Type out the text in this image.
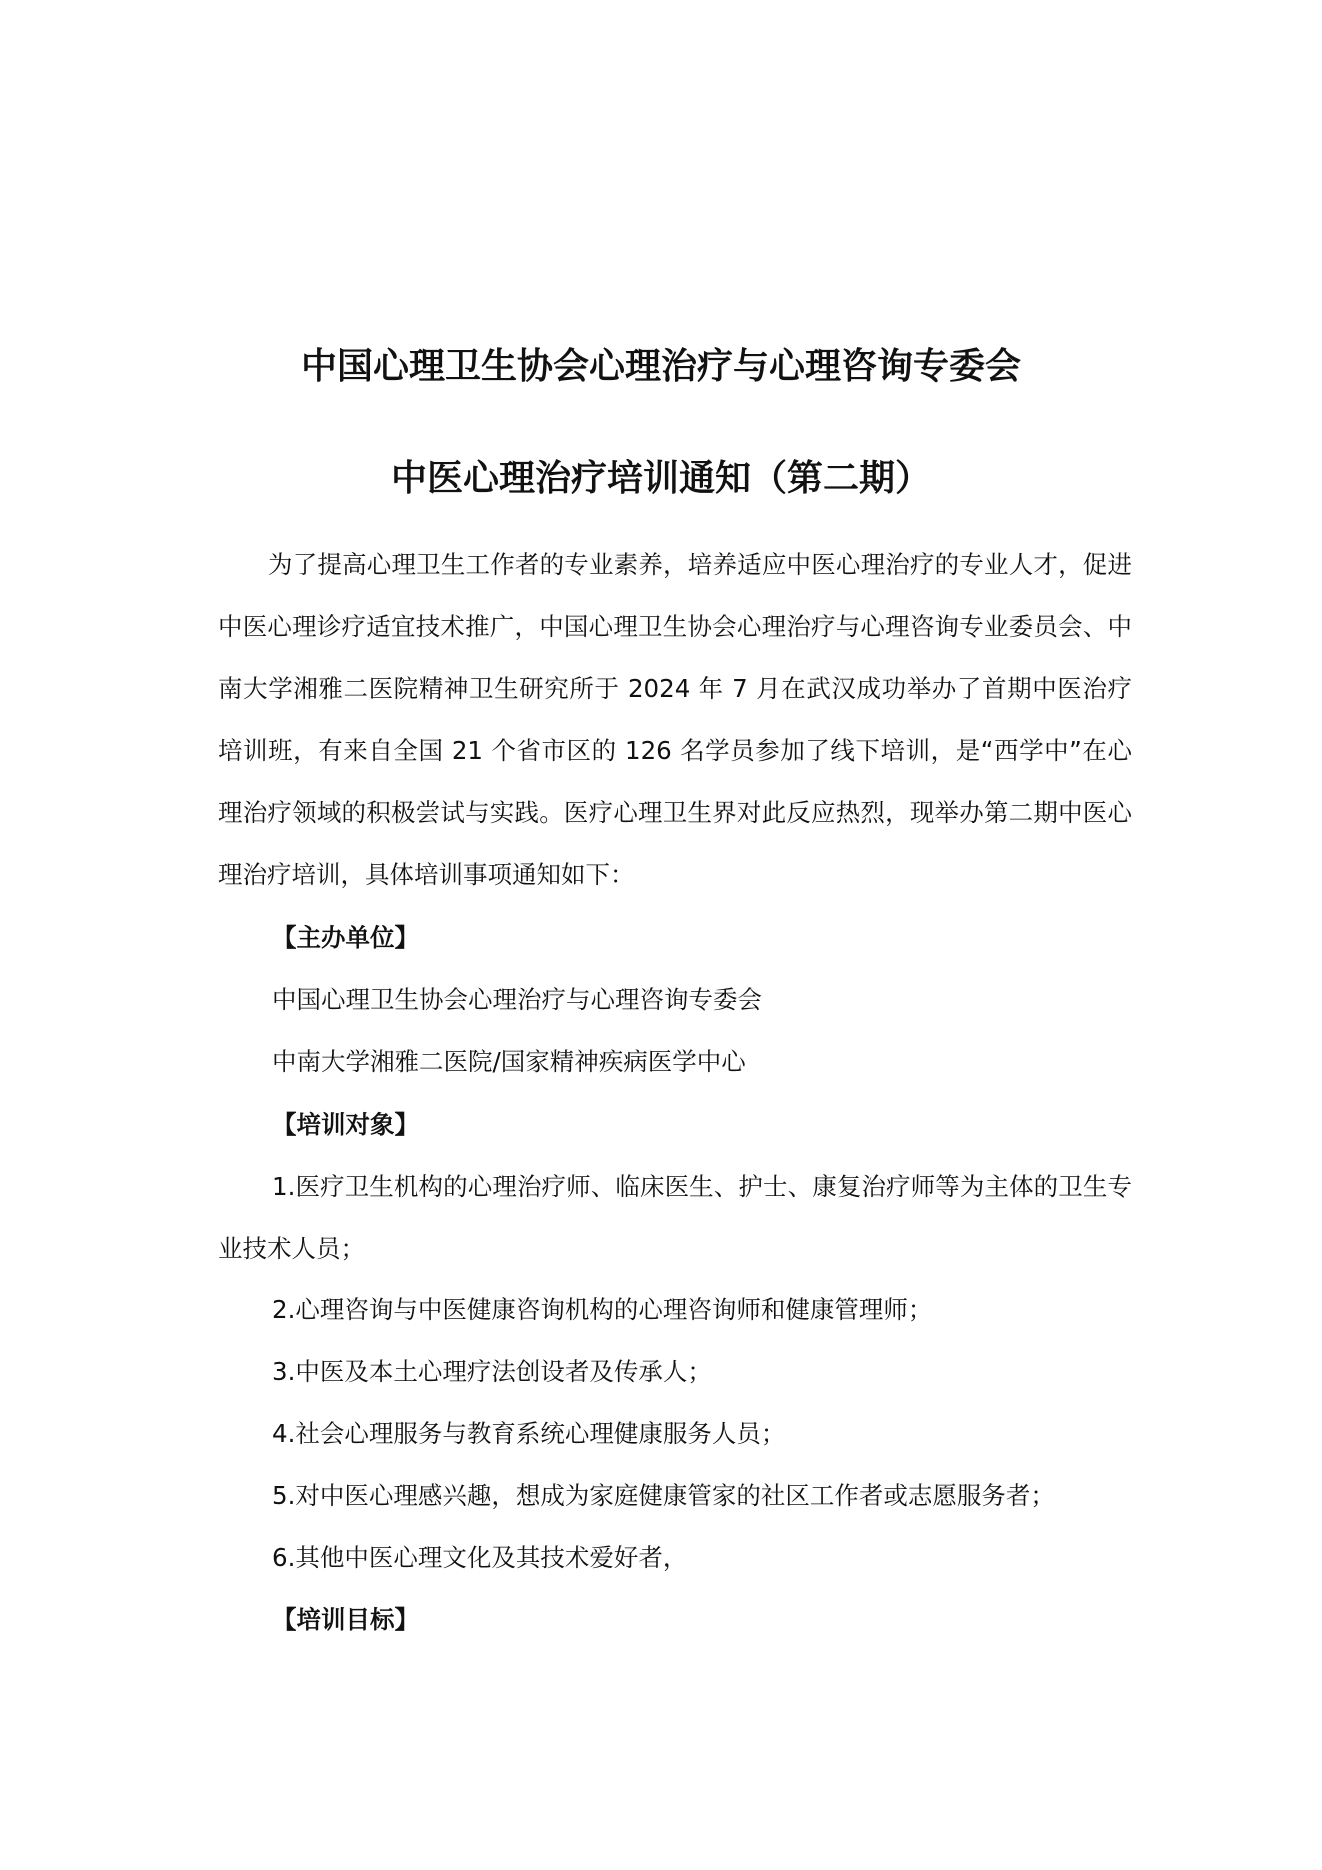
中国心理卫生协会心理治疗与心理咨询专委会
中医心理治疗培训通知（第二期）
为了提高心理卫生工作者的专业素养，培养适应中医心理治疗的专业人才，促进中医心理诊疗适宜技术推广，中国心理卫生协会心理治疗与心理咨询专业委员会、中南大学湘雅二医院精神卫生研究所于 2024 年 7 月在武汉成功举办了首期中医治疗培训班，有来自全国 21 个省市区的 126 名学员参加了线下培训，是“西学中”在心理治疗领域的积极尝试与实践。医疗心理卫生界对此反应热烈，现举办第二期中医心理治疗培训，具体培训事项通知如下：
【主办单位】
中国心理卫生协会心理治疗与心理咨询专委会
中南大学湘雅二医院/国家精神疾病医学中心
【培训对象】
1.医疗卫生机构的心理治疗师、临床医生、护士、康复治疗师等为主体的卫生专业技术人员；
2.心理咨询与中医健康咨询机构的心理咨询师和健康管理师；
3.中医及本土心理疗法创设者及传承人；
4.社会心理服务与教育系统心理健康服务人员；
5.对中医心理感兴趣，想成为家庭健康管家的社区工作者或志愿服务者；
6.其他中医心理文化及其技术爱好者，
【培训目标】
